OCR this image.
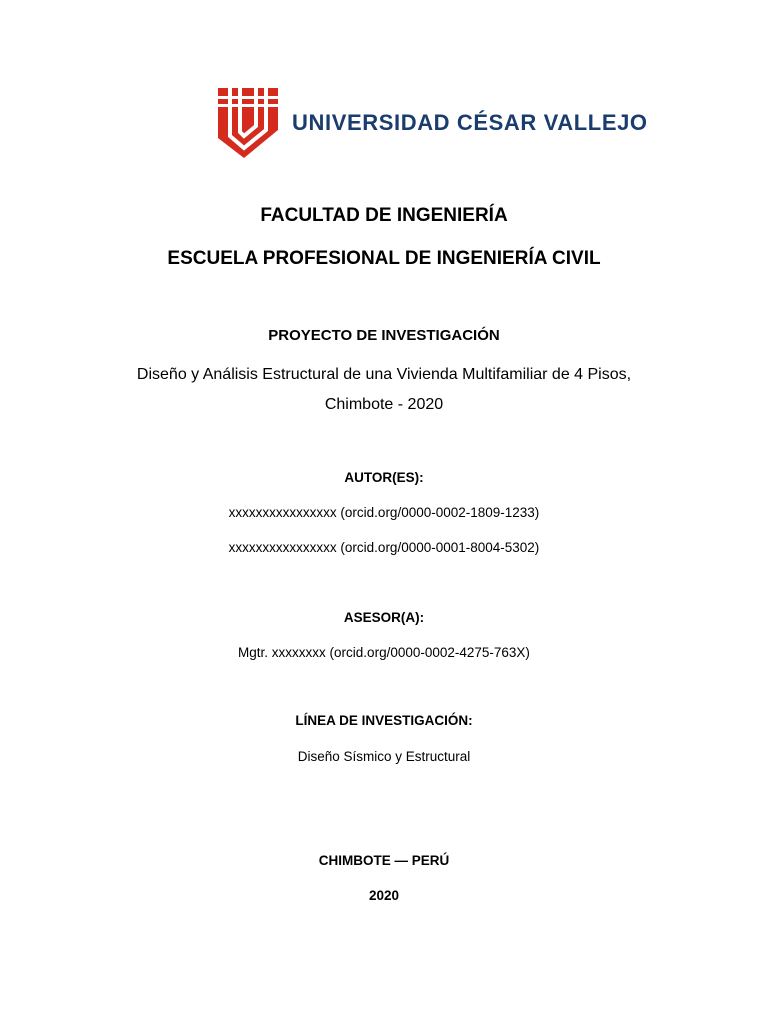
UNIVERSIDAD CÉSAR VALLEJO
FACULTAD DE INGENIERÍA
ESCUELA PROFESIONAL DE INGENIERÍA CIVIL
PROYECTO DE INVESTIGACIÓN
Diseño y Análisis Estructural de una Vivienda Multifamiliar de 4 Pisos,
Chimbote - 2020
AUTOR(ES):
xxxxxxxxxxxxxxxx (orcid.org/0000-0002-1809-1233)
xxxxxxxxxxxxxxxx (orcid.org/0000-0001-8004-5302)
ASESOR(A):
Mgtr. xxxxxxxx (orcid.org/0000-0002-4275-763X)
LÍNEA DE INVESTIGACIÓN:
Diseño Sísmico y Estructural
CHIMBOTE — PERÚ
2020
